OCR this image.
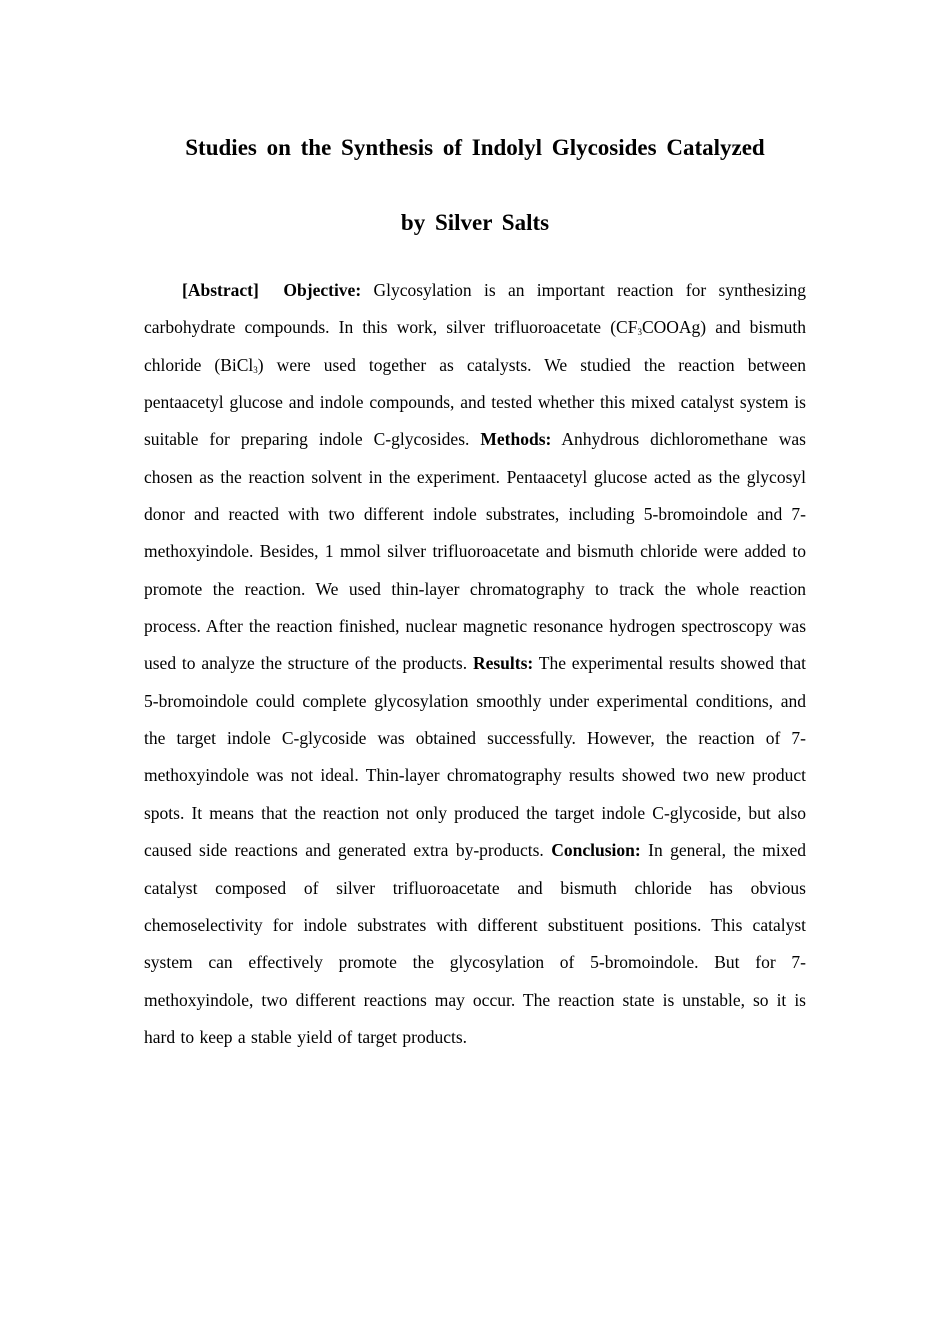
Studies on the Synthesis of Indolyl Glycosides Catalyzed
by Silver Salts

[Abstract] Objective: Glycosylation is an important reaction for synthesizing carbohydrate compounds. In this work, silver trifluoroacetate $(CF_3COOAg)$ and bismuth chloride (BiCl$_3$) were used together as catalysts. We studied the reaction between pentaacetyl glucose and indole compounds, and tested whether this mixed catalyst system is suitable for preparing indole C-glycosides. Methods: Anhydrous dichloromethane was chosen as the reaction solvent in the experiment. Pentaacetyl glucose acted as the glycosyl donor and reacted with two different indole substrates, including 5-bromoindole and 7-methoxyindole. Besides, 1 mmol silver trifluoroacetate and bismuth chloride were added to promote the reaction. We used thin-layer chromatography to track the whole reaction process. After the reaction finished, nuclear magnetic resonance hydrogen spectroscopy was used to analyze the structure of the products. Results: The experimental results showed that 5-bromoindole could complete glycosylation smoothly under experimental conditions, and the target indole C-glycoside was obtained successfully. However, the reaction of 7-methoxyindole was not ideal. Thin-layer chromatography results showed two new product spots. It means that the reaction not only produced the target indole C-glycoside, but also caused side reactions and generated extra by-products. Conclusion: In general, the mixed catalyst composed of silver trifluoroacetate and bismuth chloride has obvious chemoselectivity for indole substrates with different substituent positions. This catalyst system can effectively promote the glycosylation of 5-bromoindole. But for 7-methoxyindole, two different reactions may occur. The reaction state is unstable, so it is hard to keep a stable yield of target products.
